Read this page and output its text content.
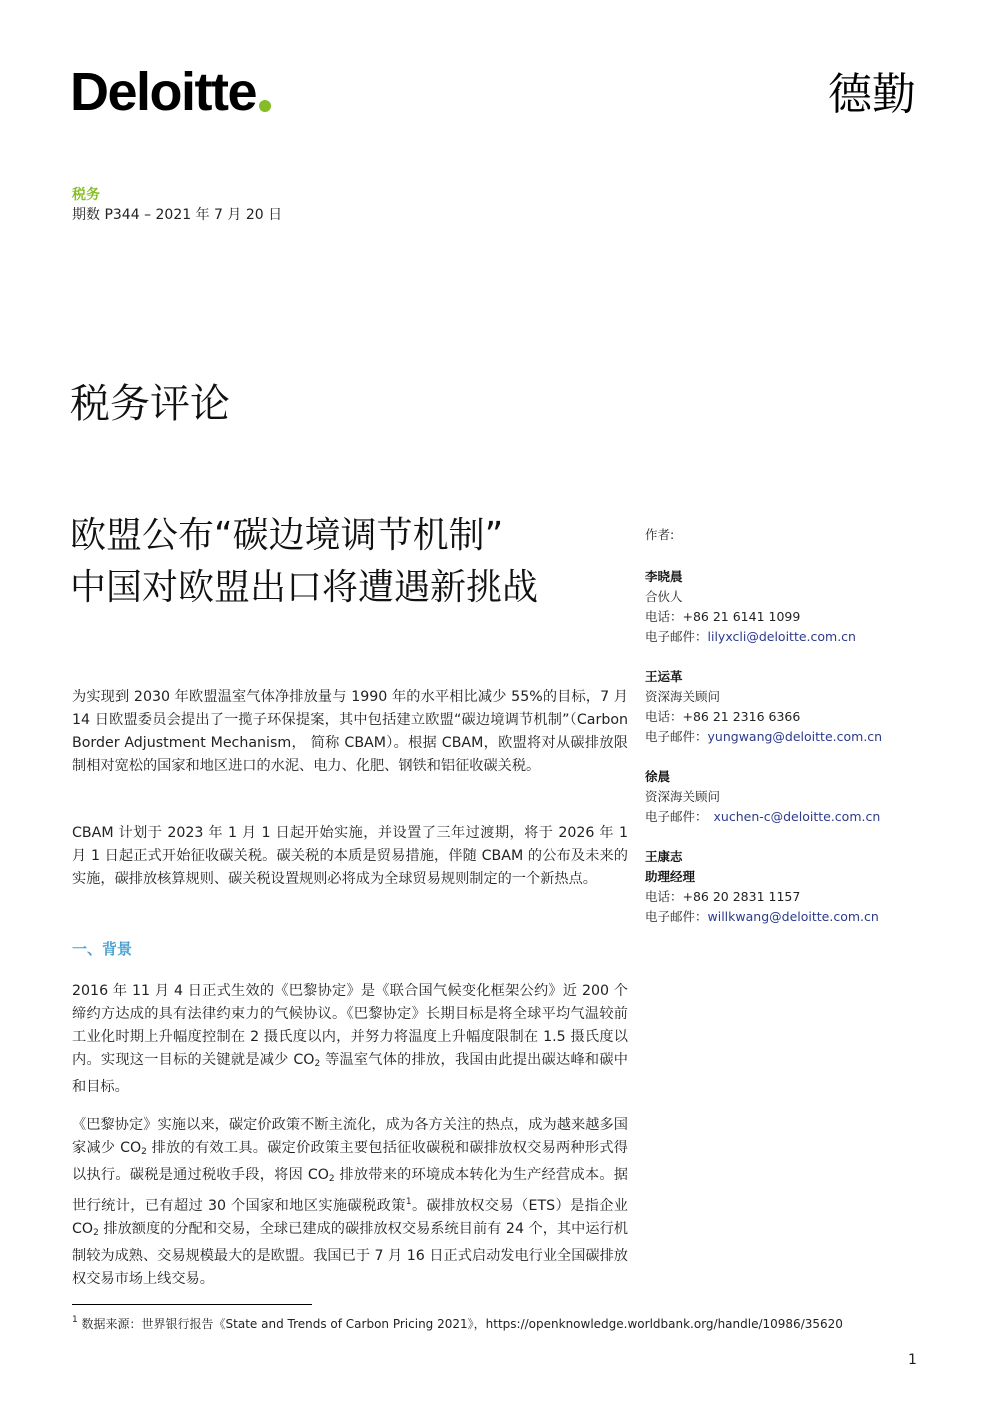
Deloitte	德勤
税务
期数 P344 – 2021 年 7 月 20 日
税务评论
欧盟公布“碳边境调节机制”
中国对欧盟出口将遭遇新挑战

为实现到 2030 年欧盟温室气体净排放量与 1990 年的水平相比减少 55%的目标，7 月 14 日欧盟委员会提出了一揽子环保提案，其中包括建立欧盟“碳边境调节机制”（Carbon Border Adjustment Mechanism， 简称 CBAM）。根据 CBAM，欧盟将对从碳排放限制相对宽松的国家和地区进口的水泥、电力、化肥、钢铁和铝征收碳关税。

CBAM 计划于 2023 年 1 月 1 日起开始实施，并设置了三年过渡期，将于 2026 年 1 月 1 日起正式开始征收碳关税。碳关税的本质是贸易措施，伴随 CBAM 的公布及未来的实施，碳排放核算规则、碳关税设置规则必将成为全球贸易规则制定的一个新热点。

一、背景

2016 年 11 月 4 日正式生效的《巴黎协定》是《联合国气候变化框架公约》近 200 个缔约方达成的具有法律约束力的气候协议。《巴黎协定》长期目标是将全球平均气温较前工业化时期上升幅度控制在 2 摄氏度以内，并努力将温度上升幅度限制在 1.5 摄氏度以内。实现这一目标的关键就是减少 $CO_2$ 等温室气体的排放，我国由此提出碳达峰和碳中和目标。

《巴黎协定》实施以来，碳定价政策不断主流化，成为各方关注的热点，成为越来越多国家减少 $CO_2$ 排放的有效工具。碳定价政策主要包括征收碳税和碳排放权交易两种形式得以执行。碳税是通过税收手段，将因 $CO_2$ 排放带来的环境成本转化为生产经营成本。据世行统计，已有超过 30 个国家和地区实施碳税政策$^1$。碳排放权交易（ETS）是指企业 $CO_2$ 排放额度的分配和交易，全球已建成的碳排放权交易系统目前有 24 个，其中运行机制较为成熟、交易规模最大的是欧盟。我国已于 7 月 16 日正式启动发电行业全国碳排放权交易市场上线交易。

作者:
李晓晨
合伙人
电话：+86 21 6141 1099
电子邮件：lilyxcli@deloitte.com.cn
王运革
资深海关顾问
电话：+86 21 2316 6366
电子邮件：yungwang@deloitte.com.cn
徐晨
资深海关顾问
电子邮件： xuchen-c@deloitte.com.cn
王康志
助理经理
电话：+86 20 2831 1157
电子邮件：willkwang@deloitte.com.cn
$^1$ 数据来源：世界银行报告《State and Trends of Carbon Pricing 2021》，https://openknowledge.worldbank.org/handle/10986/35620
1
